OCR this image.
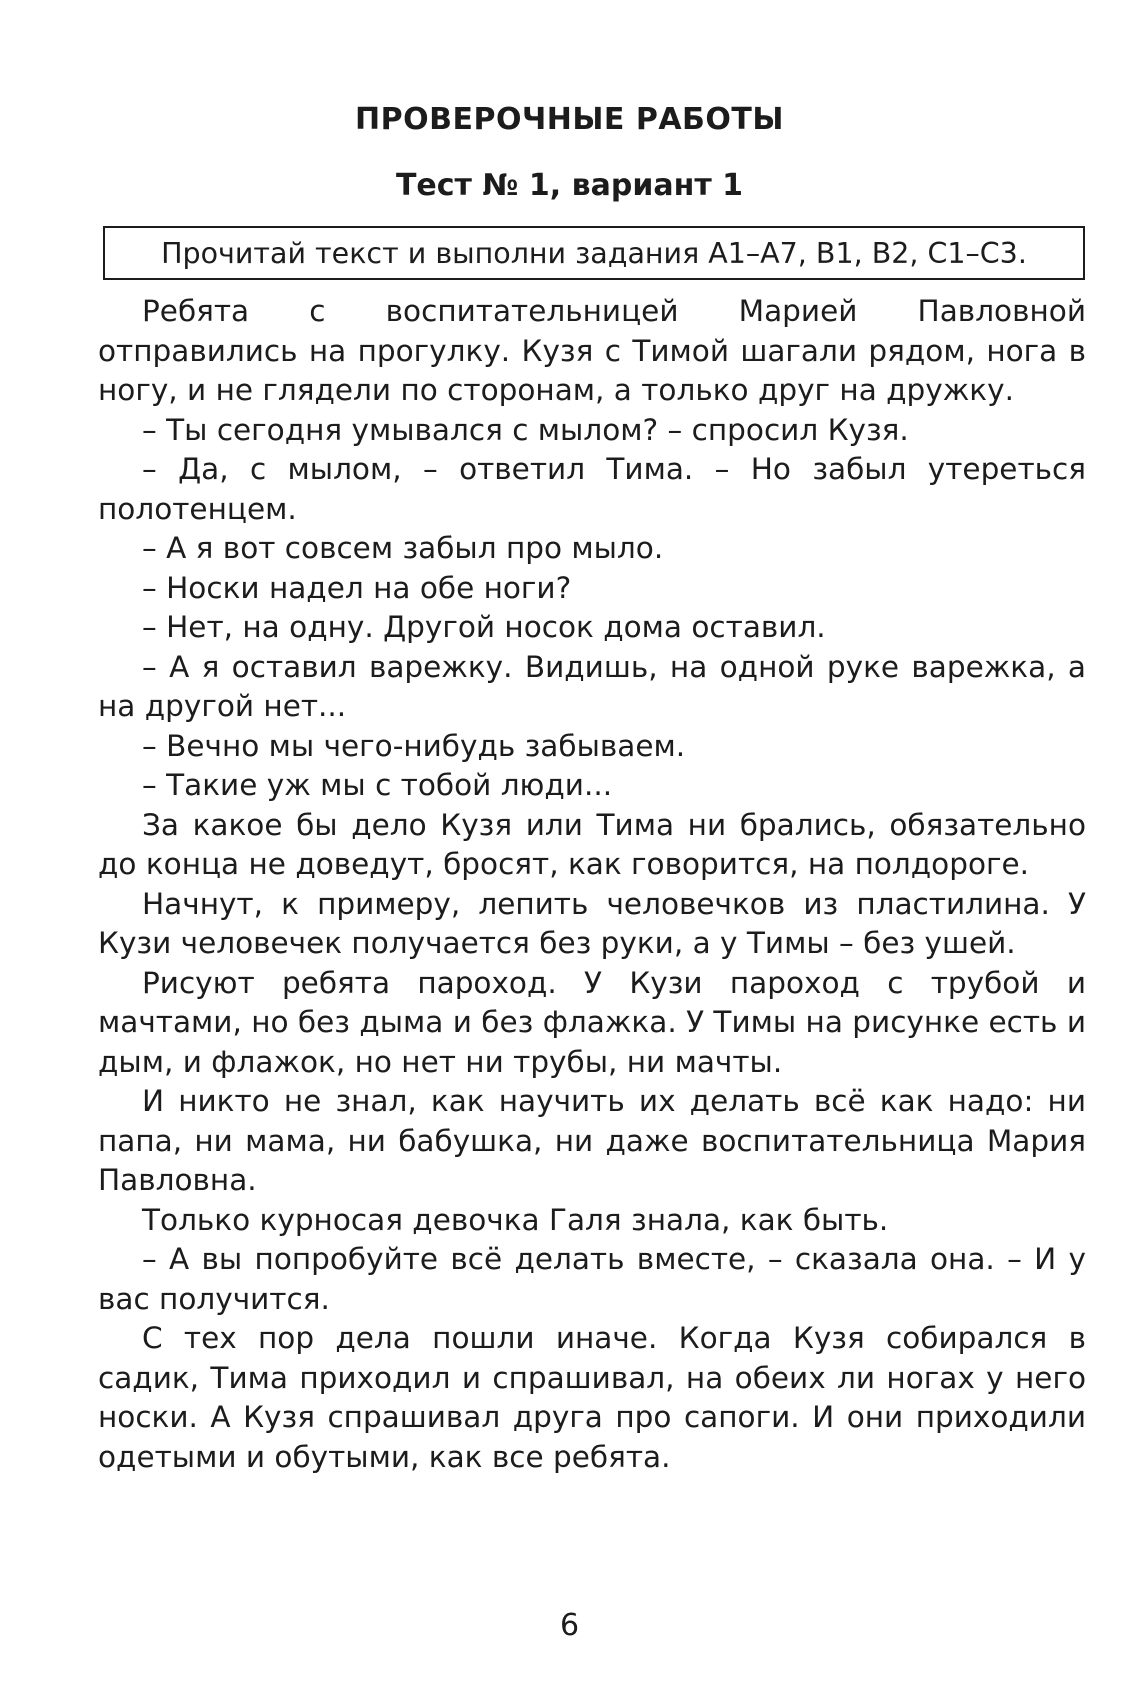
ПРОВЕРОЧНЫЕ РАБОТЫ
Тест № 1, вариант 1
Прочитай текст и выполни задания А1–А7, В1, В2, С1–С3.

Ребята с воспитательницей Марией Павловной отправились на прогулку. Кузя с Тимой шагали рядом, нога в ногу, и не глядели по сторонам, а только друг на дружку.

– Ты сегодня умывался с мылом? – спросил Кузя.

– Да, с мылом, – ответил Тима. – Но забыл утереться полотенцем.

– А я вот совсем забыл про мыло.

– Носки надел на обе ноги?

– Нет, на одну. Другой носок дома оставил.

– А я оставил варежку. Видишь, на одной руке варежка, а на другой нет...

– Вечно мы чего-нибудь забываем.

– Такие уж мы с тобой люди...

За какое бы дело Кузя или Тима ни брались, обязательно до конца не доведут, бросят, как говорится, на полдороге.

Начнут, к примеру, лепить человечков из пластилина. У Кузи человечек получается без руки, а у Тимы – без ушей.

Рисуют ребята пароход. У Кузи пароход с трубой и мачтами, но без дыма и без флажка. У Тимы на рисунке есть и дым, и флажок, но нет ни трубы, ни мачты.

И никто не знал, как научить их делать всё как надо: ни папа, ни мама, ни бабушка, ни даже воспитательница Мария Павловна.

Только курносая девочка Галя знала, как быть.

– А вы попробуйте всё делать вместе, – сказала она. – И у вас получится.

С тех пор дела пошли иначе. Когда Кузя собирался в садик, Тима приходил и спрашивал, на обеих ли ногах у него носки. А Кузя спрашивал друга про сапоги. И они приходили одетыми и обутыми, как все ребята.

6
